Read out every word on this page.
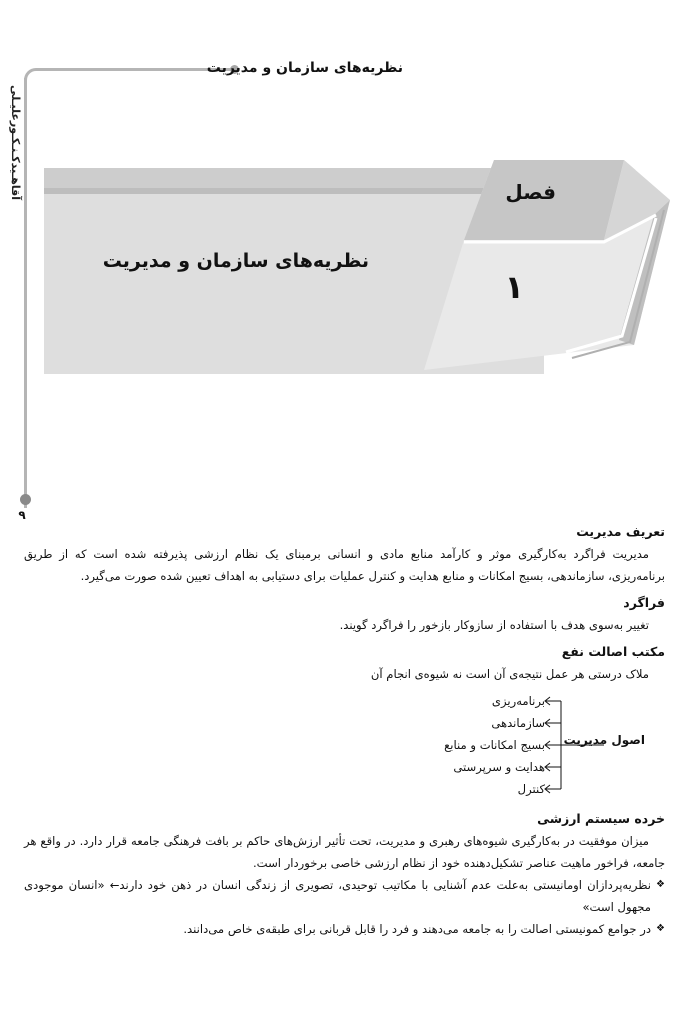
آقاهـیدکـنـکـورعلیـلی
۹
نظریه‌های سازمان و مدیریت
فصل
۱
نظریه‌های سازمان و مدیریت
تعریف مدیریت
مدیریت فراگرد به‌کارگیری موثر و کارآمد منابع مادی و انسانی برمبنای یک نظام ارزشی پذیرفته شده است که از طریق برنامه‌ریزی، سازماندهی، بسیج امکانات و منابع هدایت و کنترل عملیات برای دستیابی به اهداف تعیین شده صورت می‌گیرد.
فراگرد
تغییر به‌سوی هدف با استفاده از سازوکار بازخور را فراگرد گویند.
مکتب اصالت نفع
ملاک درستی هر عمل نتیجه‌ی آن است نه شیوه‌ی انجام آن
برنامه‌ریزی
سازماندهی
بسیج امکانات و منابع
هدایت و سرپرستی
کنترل
اصول مدیریت
خرده سیستم ارزشی
میزان موفقیت در به‌کارگیری شیوه‌های رهبری و مدیریت، تحت تأثیر ارزش‌های حاکم بر بافت فرهنگی جامعه قرار دارد. در واقع هر جامعه، فراخور ماهیت عناصر تشکیل‌دهنده خود از نظام ارزشی خاصی برخوردار است.
❖ نظریه‌پردازان اومانیستی به‌علت عدم آشنایی با مکاتیب توحیدی، تصویری از زندگی انسان در ذهن خود دارند← «انسان موجودی مجهول است»
❖ در جوامع کمونیستی اصالت را به جامعه می‌دهند و فرد را قابل قربانی برای طبقه‌ی خاص می‌دانند.
